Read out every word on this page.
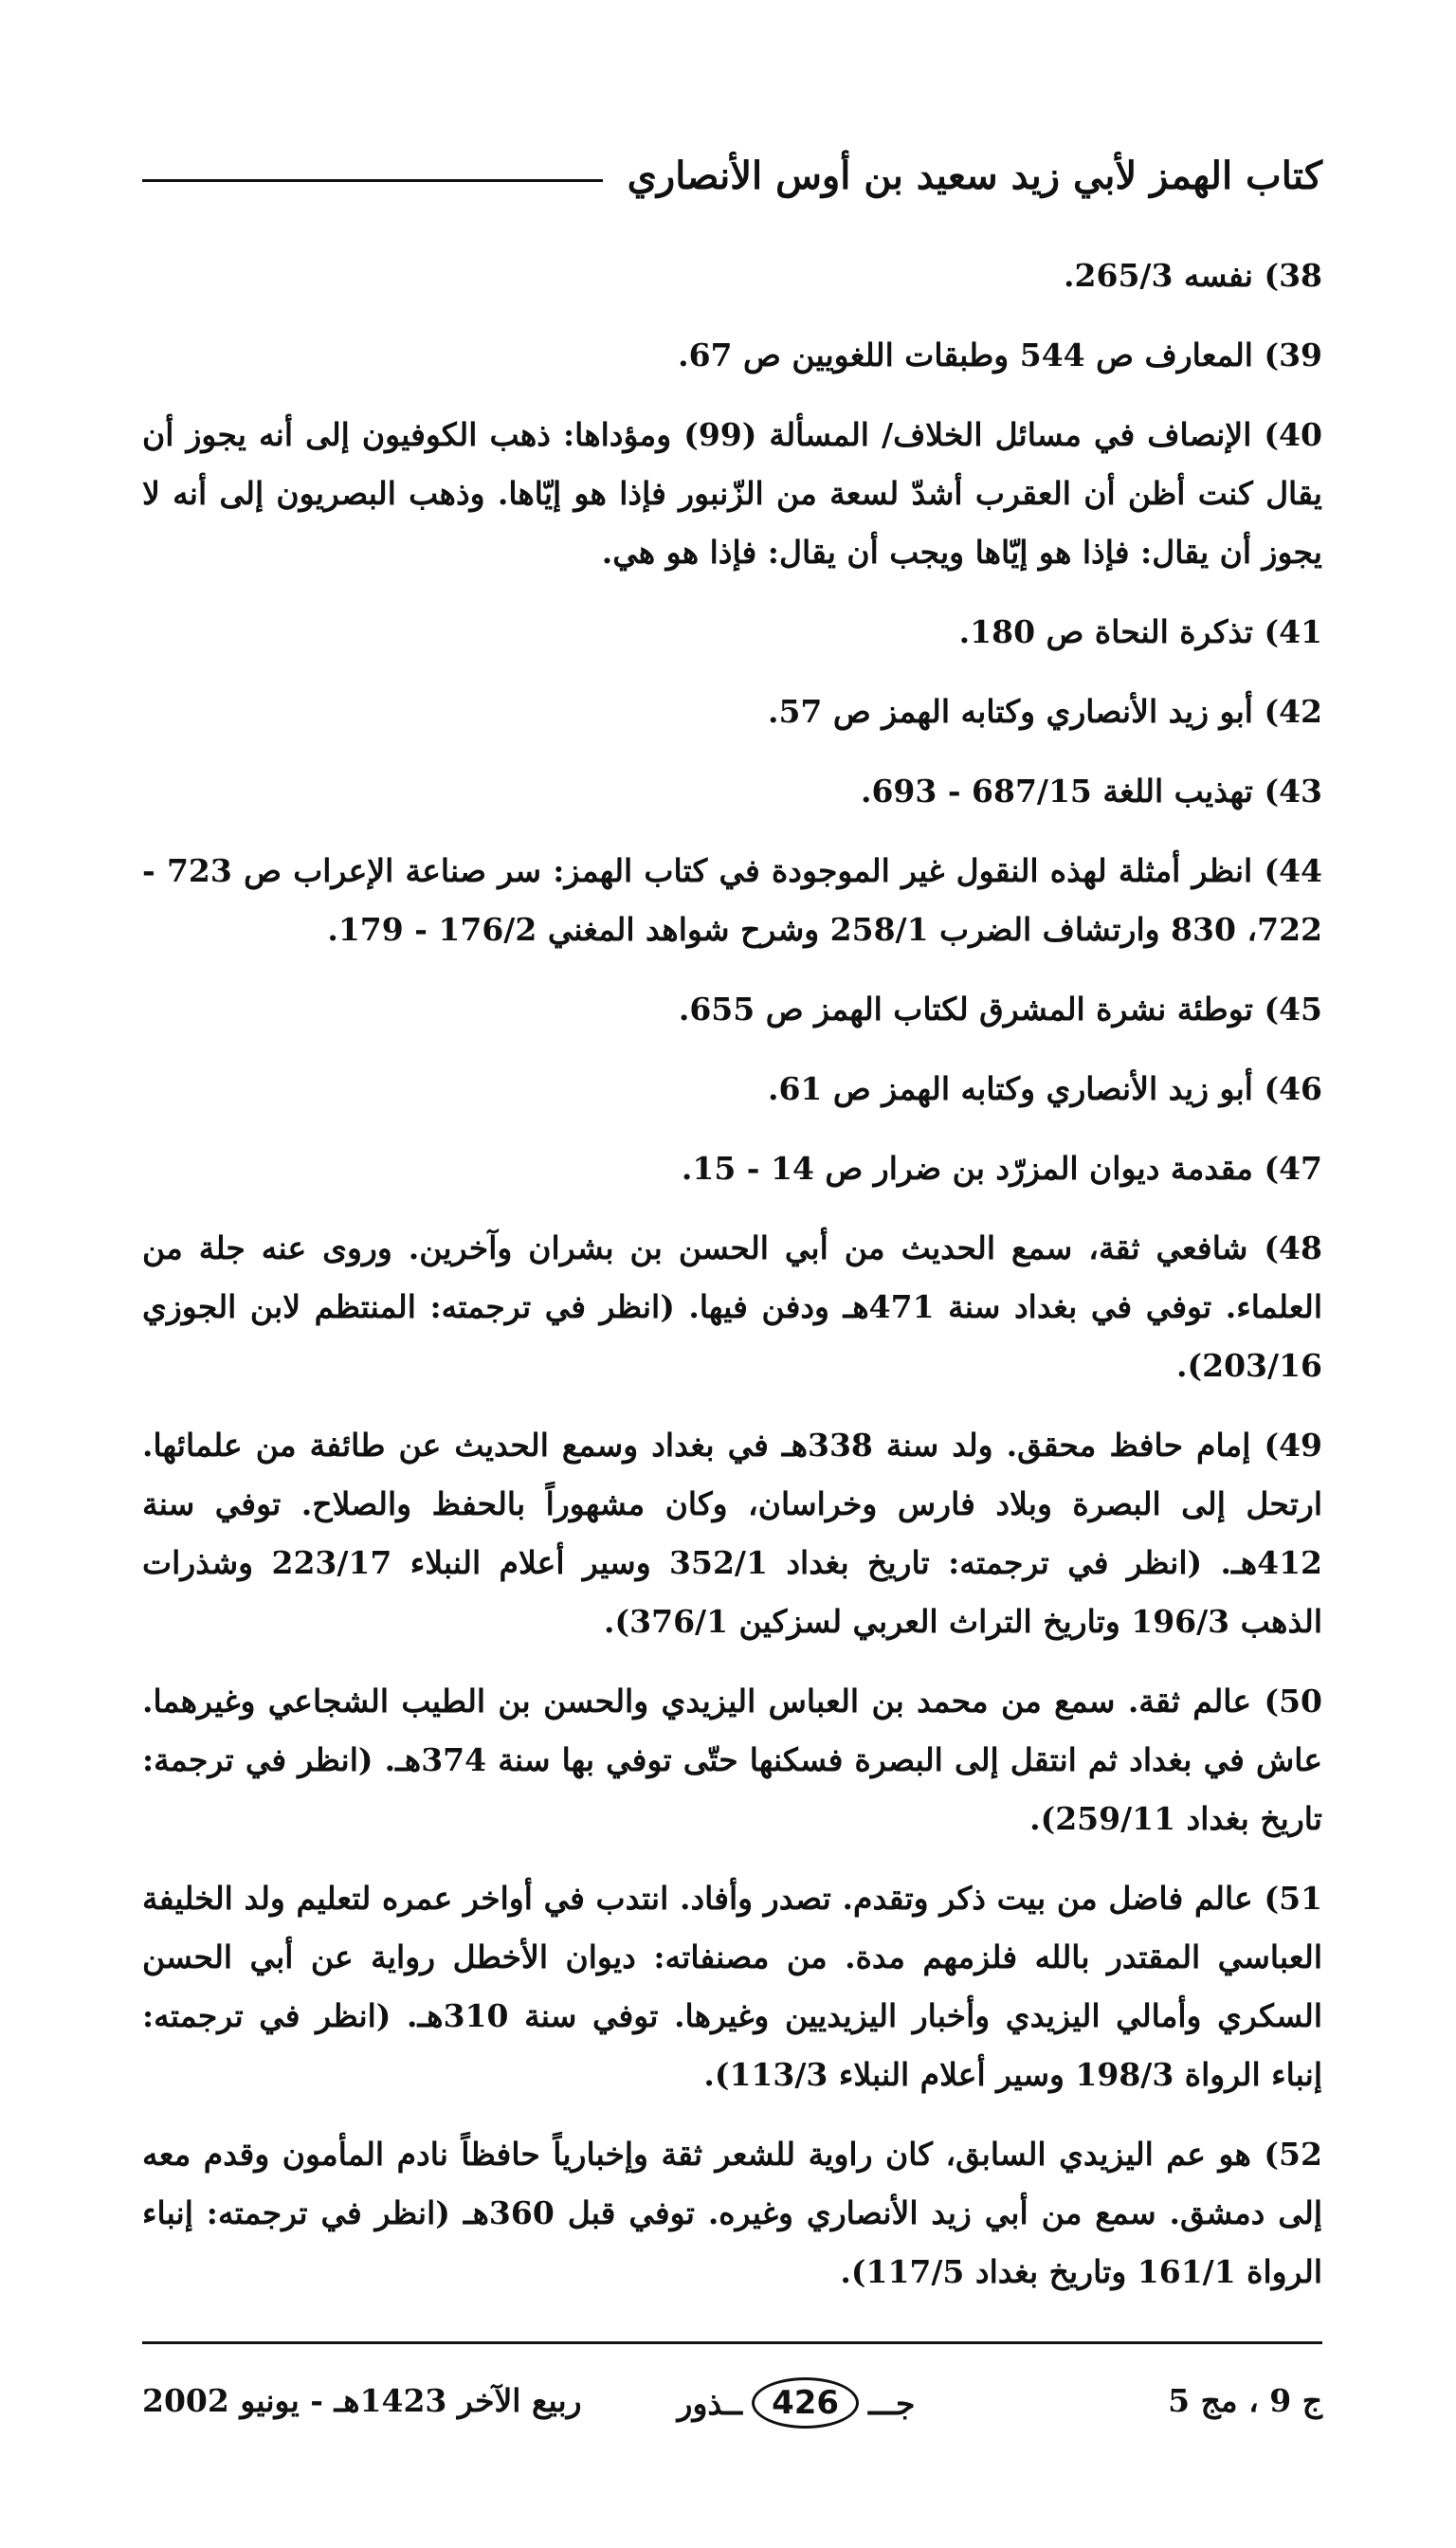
كتاب الهمز لأبي زيد سعيد بن أوس الأنصاري

38) نفسه 265/3.

39) المعارف ص 544 وطبقات اللغويين ص 67.

40) الإنصاف في مسائل الخلاف/ المسألة (99) ومؤداها: ذهب الكوفيون إلى أنه يجوز أن يقال كنت أظن أن العقرب أشدّ لسعة من الزّنبور فإذا هو إيّاها. وذهب البصريون إلى أنه لا يجوز أن يقال: فإذا هو إيّاها ويجب أن يقال: فإذا هو هي.

41) تذكرة النحاة ص 180.

42) أبو زيد الأنصاري وكتابه الهمز ص 57.

43) تهذيب اللغة 687/15 - 693.

44) انظر أمثلة لهذه النقول غير الموجودة في كتاب الهمز: سر صناعة الإعراب ص 723 - 722، 830 وارتشاف الضرب 258/1 وشرح شواهد المغني 176/2 - 179.

45) توطئة نشرة المشرق لكتاب الهمز ص 655.

46) أبو زيد الأنصاري وكتابه الهمز ص 61.

47) مقدمة ديوان المزرّد بن ضرار ص 14 - 15.

48) شافعي ثقة، سمع الحديث من أبي الحسن بن بشران وآخرين. وروى عنه جلة من العلماء. توفي في بغداد سنة 471هـ ودفن فيها. (انظر في ترجمته: المنتظم لابن الجوزي 203/16).

49) إمام حافظ محقق. ولد سنة 338هـ في بغداد وسمع الحديث عن طائفة من علمائها. ارتحل إلى البصرة وبلاد فارس وخراسان، وكان مشهوراً بالحفظ والصلاح. توفي سنة 412هـ. (انظر في ترجمته: تاريخ بغداد 352/1 وسير أعلام النبلاء 223/17 وشذرات الذهب 196/3 وتاريخ التراث العربي لسزكين 376/1).

50) عالم ثقة. سمع من محمد بن العباس اليزيدي والحسن بن الطيب الشجاعي وغيرهما. عاش في بغداد ثم انتقل إلى البصرة فسكنها حتّى توفي بها سنة 374هـ. (انظر في ترجمة: تاريخ بغداد 259/11).

51) عالم فاضل من بيت ذكر وتقدم. تصدر وأفاد. انتدب في أواخر عمره لتعليم ولد الخليفة العباسي المقتدر بالله فلزمهم مدة. من مصنفاته: ديوان الأخطل رواية عن أبي الحسن السكري وأمالي اليزيدي وأخبار اليزيديين وغيرها. توفي سنة 310هـ. (انظر في ترجمته: إنباء الرواة 198/3 وسير أعلام النبلاء 113/3).

52) هو عم اليزيدي السابق، كان راوية للشعر ثقة وإخبارياً حافظاً نادم المأمون وقدم معه إلى دمشق. سمع من أبي زيد الأنصاري وغيره. توفي قبل 360هـ (انظر في ترجمته: إنباء الرواة 161/1 وتاريخ بغداد 117/5).

ربيع الآخر 1423هـ - يونيو 2002	ــذور 426 جـــ	ج 9 ، مج 5
